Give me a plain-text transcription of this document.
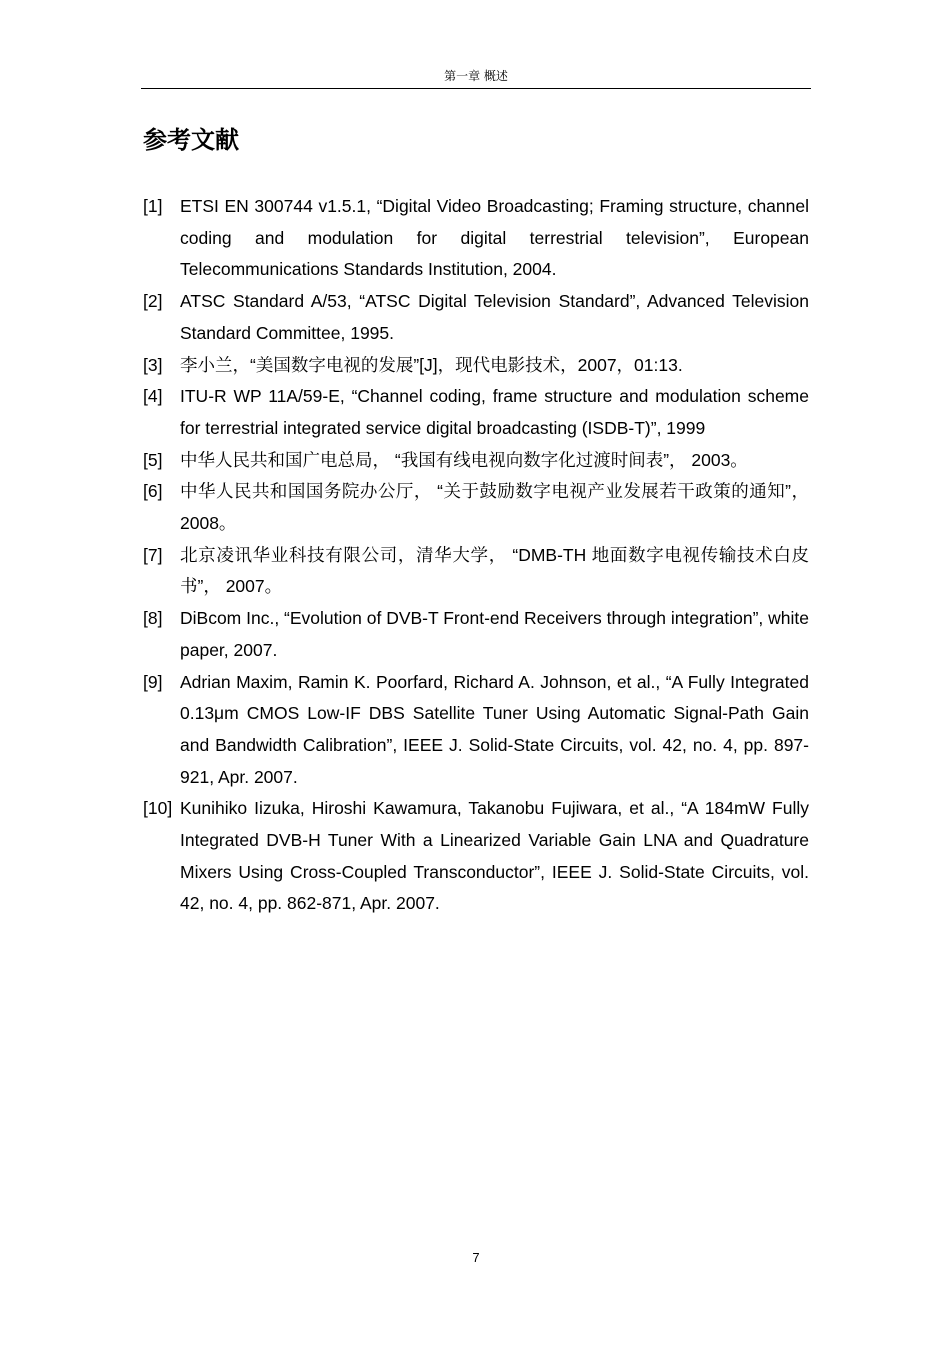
第一章 概述
参考文献
[1]	ETSI EN 300744 v1.5.1, “Digital Video Broadcasting; Framing structure, channel coding and modulation for digital terrestrial television”, European Telecommunications Standards Institution, 2004.
[2]	ATSC Standard A/53, “ATSC Digital Television Standard”, Advanced Television Standard Committee, 1995.
[3]	李小兰，“美国数字电视的发展”[J]，现代电影技术，2007，01:13.
[4]	ITU-R WP 11A/59-E, “Channel coding, frame structure and modulation scheme for terrestrial integrated service digital broadcasting (ISDB-T)”, 1999
[5]	中华人民共和国广电总局， “我国有线电视向数字化过渡时间表”， 2003。
[6]	中华人民共和国国务院办公厅， “关于鼓励数字电视产业发展若干政策的通知”， 2008。
[7]	北京凌讯华业科技有限公司，清华大学， “DMB-TH 地面数字电视传输技术白皮书”， 2007。
[8]	DiBcom Inc., “Evolution of DVB-T Front-end Receivers through integration”, white paper, 2007.
[9]	Adrian Maxim, Ramin K. Poorfard, Richard A. Johnson, et al., “A Fully Integrated 0.13μm CMOS Low-IF DBS Satellite Tuner Using Automatic Signal-Path Gain and Bandwidth Calibration”, IEEE J. Solid-State Circuits, vol. 42, no. 4, pp. 897-921, Apr. 2007.
[10] Kunihiko Iizuka, Hiroshi Kawamura, Takanobu Fujiwara, et al., “A 184mW Fully Integrated DVB-H Tuner With a Linearized Variable Gain LNA and Quadrature Mixers Using Cross-Coupled Transconductor”, IEEE J. Solid-State Circuits, vol. 42, no. 4, pp. 862-871, Apr. 2007.
7
